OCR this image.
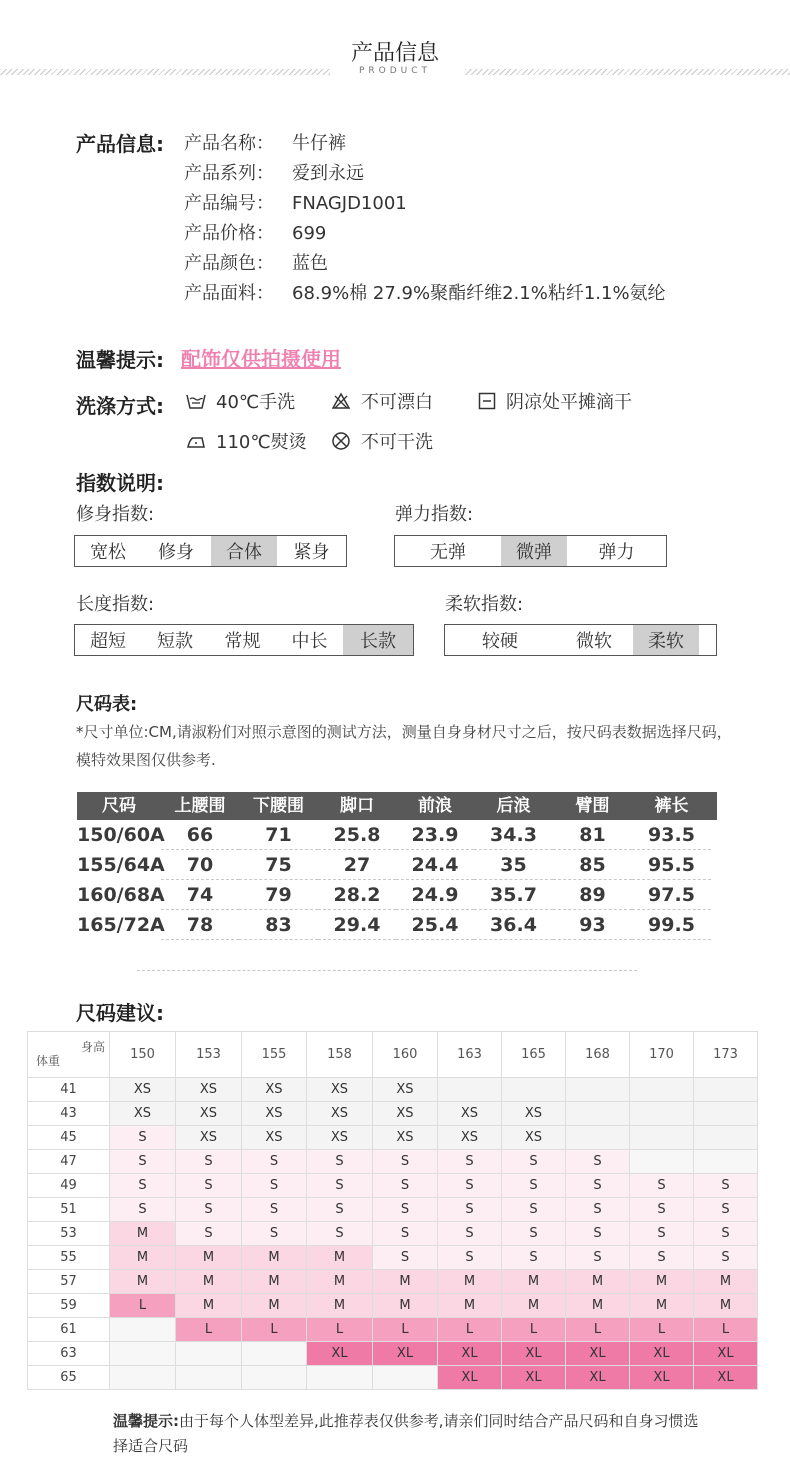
产品信息
PRODUCT
产品信息: 产品名称： 牛仔裤
产品系列： 爱到永远
产品编号： FNAGJD1001
产品价格： 699
产品颜色： 蓝色
产品面料： 68.9%棉 27.9%聚酯纤维2.1%粘纤1.1%氨纶
温馨提示: 配饰仅供拍摄使用
洗涤方式:	40℃手洗	不可漂白	阴凉处平摊滴干
110℃熨烫	不可干洗
指数说明:
修身指数:
宽松	修身	合体	紧身
弹力指数:
无弹	微弹	弹力
长度指数:
超短	短款	常规	中长	长款
柔软指数:
较硬	微软	柔软
尺码表:
*尺寸单位:CM,请淑粉们对照示意图的测试方法，测量自身身材尺寸之后，按尺码表数据选择尺码，模特效果图仅供参考.
尺码	上腰围	下腰围	脚口	前浪	后浪	臂围	裤长
150/60A	66	71	25.8	23.9	34.3	81	93.5
155/64A	70	75	27	24.4	35	85	95.5
160/68A	74	79	28.2	24.9	35.7	89	97.5
165/72A	78	83	29.4	25.4	36.4	93	99.5
尺码建议:
身高
体重	150	153	155	158	160	163	165	168	170	173
41	XS	XS	XS	XS	XS					
43	XS	XS	XS	XS	XS	XS	XS			
45	S	XS	XS	XS	XS	XS	XS			
47	S	S	S	S	S	S	S	S		
49	S	S	S	S	S	S	S	S	S	S
51	S	S	S	S	S	S	S	S	S	S
53	M	S	S	S	S	S	S	S	S	S
55	M	M	M	M	S	S	S	S	S	S
57	M	M	M	M	M	M	M	M	M	M
59	L	M	M	M	M	M	M	M	M	M
61		L	L	L	L	L	L	L	L	L
63				XL	XL	XL	XL	XL	XL	XL
65						XL	XL	XL	XL	XL
温馨提示:由于每个人体型差异,此推荐表仅供参考,请亲们同时结合产品尺码和自身习惯选择适合尺码
